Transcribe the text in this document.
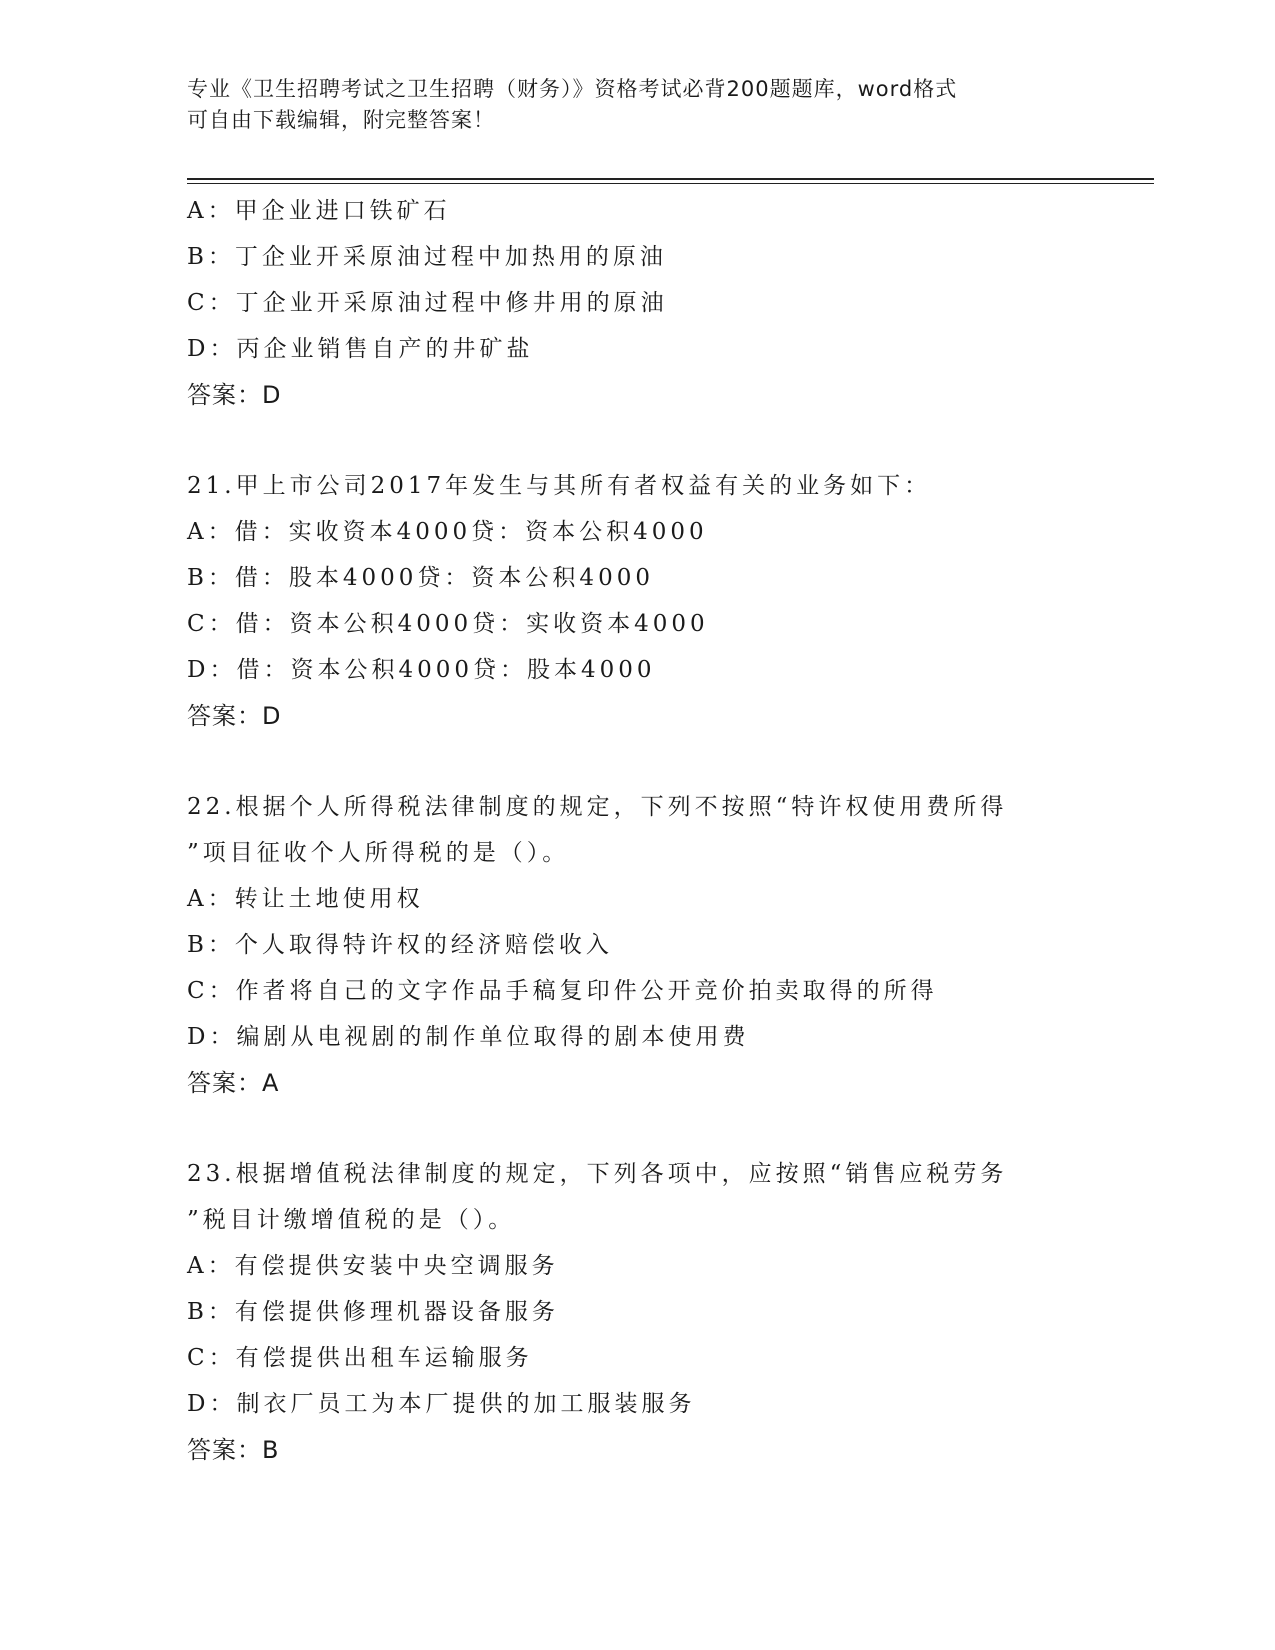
专业《卫生招聘考试之卫生招聘（财务）》资格考试必背200题题库，word格式
可自由下载编辑，附完整答案！
A：甲企业进口铁矿石
B：丁企业开采原油过程中加热用的原油
C：丁企业开采原油过程中修井用的原油
D：丙企业销售自产的井矿盐
答案：D
21.甲上市公司2017年发生与其所有者权益有关的业务如下：
A：借：实收资本4000贷：资本公积4000
B：借：股本4000贷：资本公积4000
C：借：资本公积4000贷：实收资本4000
D：借：资本公积4000贷：股本4000
答案：D
22.根据个人所得税法律制度的规定，下列不按照“特许权使用费所得
”项目征收个人所得税的是（）。
A：转让土地使用权
B：个人取得特许权的经济赔偿收入
C：作者将自己的文字作品手稿复印件公开竞价拍卖取得的所得
D：编剧从电视剧的制作单位取得的剧本使用费
答案：A
23.根据增值税法律制度的规定，下列各项中，应按照“销售应税劳务
”税目计缴增值税的是（）。
A：有偿提供安装中央空调服务
B：有偿提供修理机器设备服务
C：有偿提供出租车运输服务
D：制衣厂员工为本厂提供的加工服装服务
答案：B
